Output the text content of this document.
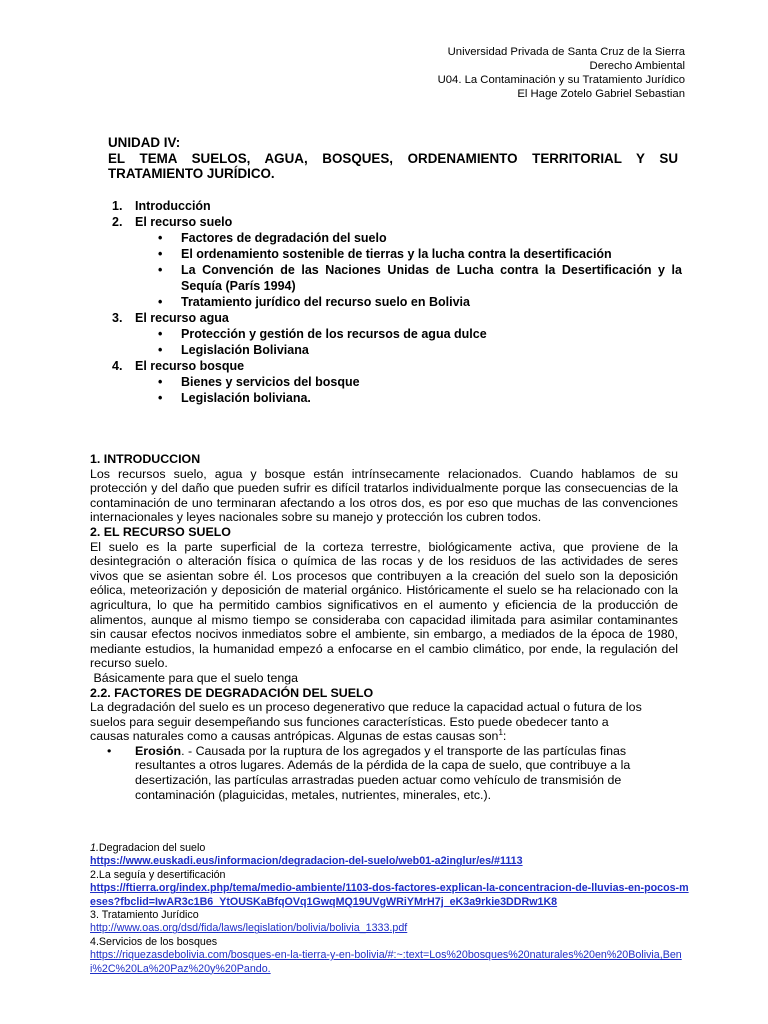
Universidad Privada de Santa Cruz de la Sierra
Derecho Ambiental
U04. La Contaminación y su Tratamiento Jurídico
El Hage Zotelo Gabriel Sebastian
UNIDAD IV:
EL TEMA SUELOS, AGUA, BOSQUES, ORDENAMIENTO TERRITORIAL Y SU
TRATAMIENTO JURÍDICO.
1. Introducción
2. El recurso suelo
• Factores de degradación del suelo
• El ordenamiento sostenible de tierras y la lucha contra la desertificación
• La Convención de las Naciones Unidas de Lucha contra la Desertificación y la Sequía (París 1994)
• Tratamiento jurídico del recurso suelo en Bolivia
3. El recurso agua
• Protección y gestión de los recursos de agua dulce
• Legislación Boliviana
4. El recurso bosque
• Bienes y servicios del bosque
• Legislación boliviana.
1. INTRODUCCION
Los recursos suelo, agua y bosque están intrínsecamente relacionados. Cuando hablamos de su protección y del daño que pueden sufrir es difícil tratarlos individualmente porque las consecuencias de la contaminación de uno terminaran afectando a los otros dos, es por eso que muchas de las convenciones internacionales y leyes nacionales sobre su manejo y protección los cubren todos.
2. EL RECURSO SUELO
El suelo es la parte superficial de la corteza terrestre, biológicamente activa, que proviene de la desintegración o alteración física o química de las rocas y de los residuos de las actividades de seres vivos que se asientan sobre él. Los procesos que contribuyen a la creación del suelo son la deposición eólica, meteorización y deposición de material orgánico. Históricamente el suelo se ha relacionado con la agricultura, lo que ha permitido cambios significativos en el aumento y eficiencia de la producción de alimentos, aunque al mismo tiempo se consideraba con capacidad ilimitada para asimilar contaminantes sin causar efectos nocivos inmediatos sobre el ambiente, sin embargo, a mediados de la época de 1980, mediante estudios, la humanidad empezó a enfocarse en el cambio climático, por ende, la regulación del recurso suelo.
Básicamente para que el suelo tenga
2.2. FACTORES DE DEGRADACIÓN DEL SUELO
La degradación del suelo es un proceso degenerativo que reduce la capacidad actual o futura de los suelos para seguir desempeñando sus funciones características. Esto puede obedecer tanto a causas naturales como a causas antrópicas. Algunas de estas causas son$^1$:
• Erosión. - Causada por la ruptura de los agregados y el transporte de las partículas finas resultantes a otros lugares. Además de la pérdida de la capa de suelo, que contribuye a la desertización, las partículas arrastradas pueden actuar como vehículo de transmisión de contaminación (plaguicidas, metales, nutrientes, minerales, etc.).
1.Degradacion del suelo
https://www.euskadi.eus/informacion/degradacion-del-suelo/web01-a2inglur/es/#1113
2.La seguía y desertificación
https://ftierra.org/index.php/tema/medio-ambiente/1103-dos-factores-explican-la-concentracion-de-lluvias-en-pocos-meses?fbclid=IwAR3c1B6_YtOUSKaBfqOVq1GwqMQ19UVgWRiYMrH7j_eK3a9rkie3DDRw1K8
3. Tratamiento Jurídico
http://www.oas.org/dsd/fida/laws/legislation/bolivia/bolivia_1333.pdf
4.Servicios de los bosques
https://riquezasdebolivia.com/bosques-en-la-tierra-y-en-bolivia/#:~:text=Los%20bosques%20naturales%20en%20Bolivia,Beni%2C%20La%20Paz%20y%20Pando.
